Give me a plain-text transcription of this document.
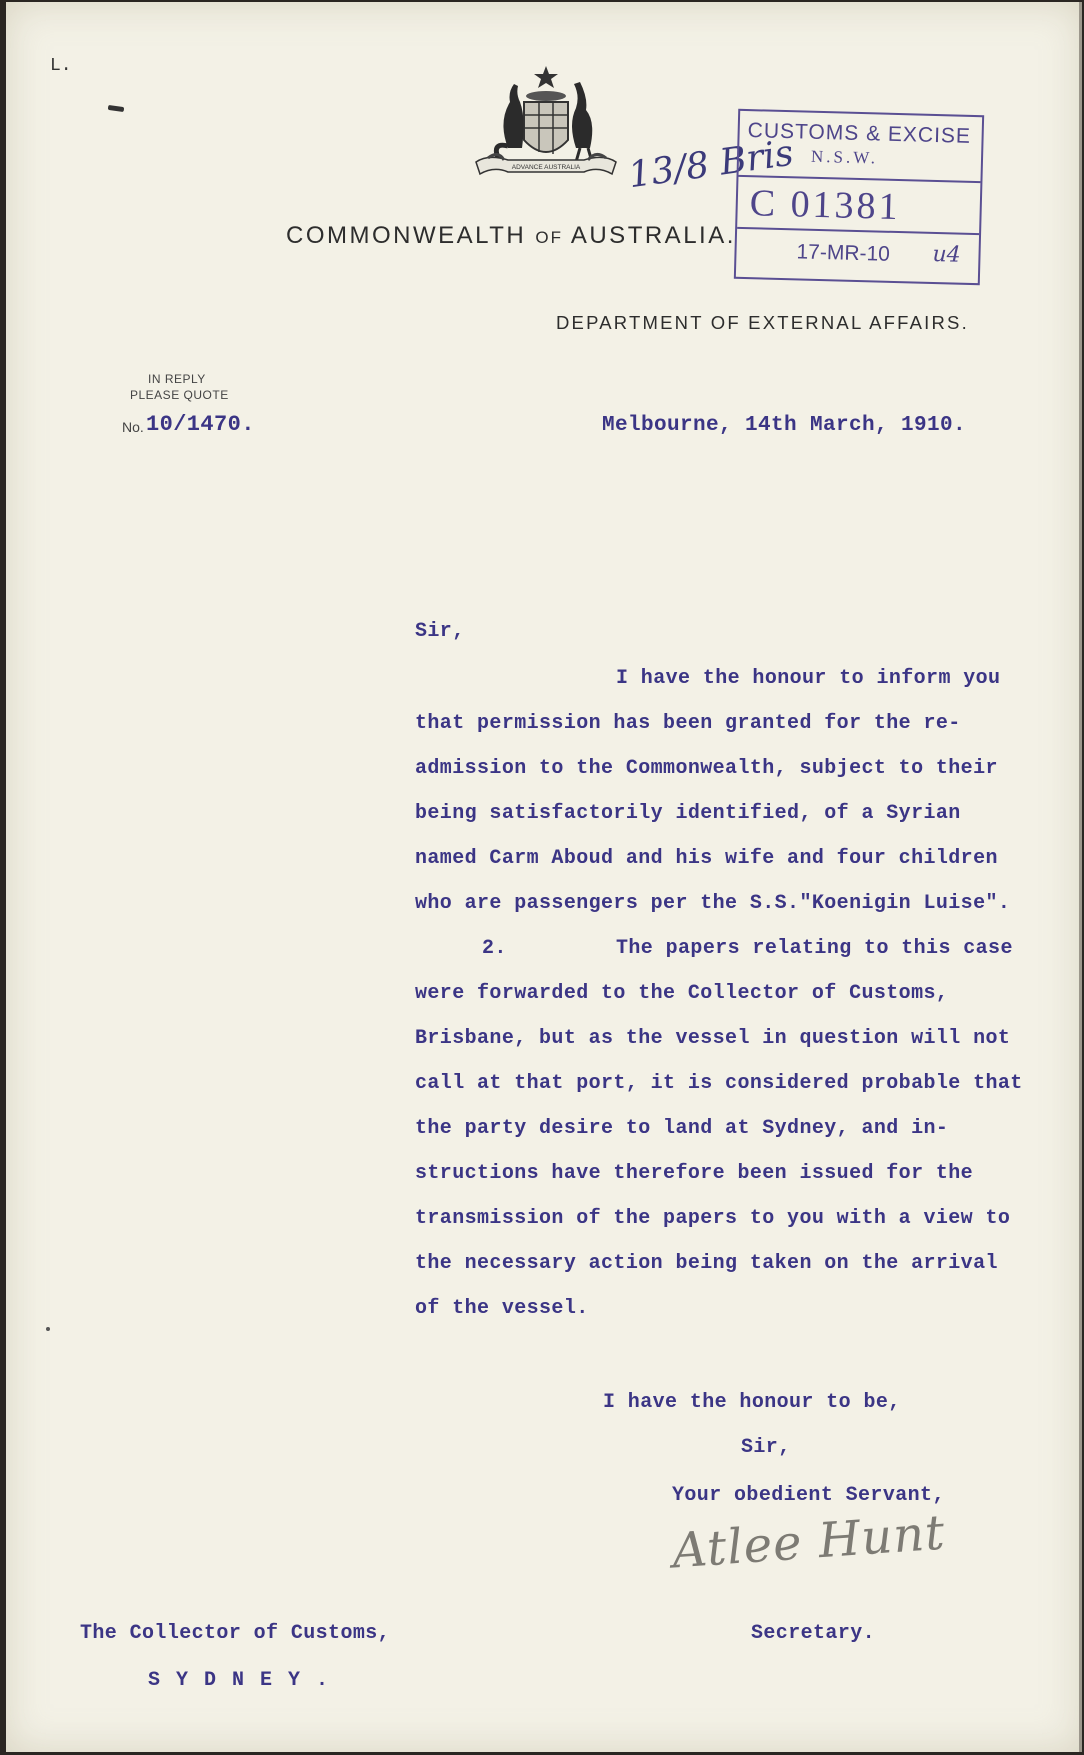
L.
ADVANCE AUSTRALIA 13/8 Bris
CUSTOMS & EXCISE
N.S.W.
C 01381
17-MR-10 u4
COMMONWEALTH OF AUSTRALIA.
DEPARTMENT OF EXTERNAL AFFAIRS.
IN REPLY
PLEASE QUOTE
No. 10/1470.	Melbourne, 14th March, 1910.
Sir,
I have the honour to inform you
that permission has been granted for the re-
admission to the Commonwealth, subject to their
being satisfactorily identified, of a Syrian
named Carm Aboud and his wife and four children
who are passengers per the S.S."Koenigin Luise".
2.	The papers relating to this case
were forwarded to the Collector of Customs,
Brisbane, but as the vessel in question will not
call at that port, it is considered probable that
the party desire to land at Sydney, and in-
structions have therefore been issued for the
transmission of the papers to you with a view to
the necessary action being taken on the arrival
of the vessel.
I have the honour to be,
Sir,
Your obedient Servant,
Atlee Hunt
Secretary.
The Collector of Customs,
S Y D N E Y .
